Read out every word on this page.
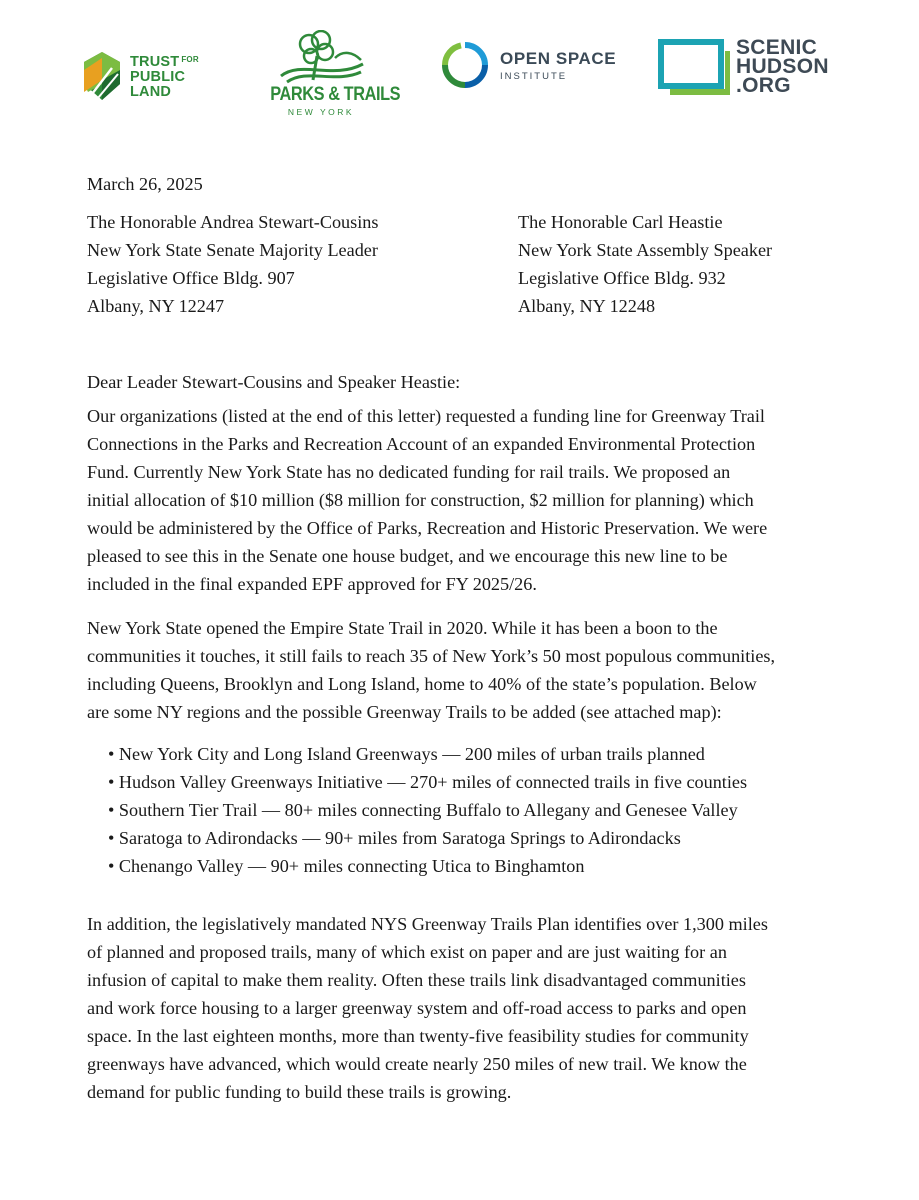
TRUST $^{FOR}$
PUBLIC
LAND	PARKS & TRAILS
NEW YORK
OPEN SPACE
INSTITUTE
SCENIC
HUDSON
.ORG
March 26, 2025
The Honorable Andrea Stewart-Cousins
New York State Senate Majority Leader
Legislative Office Bldg. 907
Albany, NY 12247
The Honorable Carl Heastie
New York State Assembly Speaker
Legislative Office Bldg. 932
Albany, NY 12248
Dear Leader Stewart-Cousins and Speaker Heastie:
Our organizations (listed at the end of this letter) requested a funding line for Greenway Trail
Connections in the Parks and Recreation Account of an expanded Environmental Protection
Fund. Currently New York State has no dedicated funding for rail trails. We proposed an
initial allocation of $10 million ($8 million for construction, $2 million for planning) which
would be administered by the Office of Parks, Recreation and Historic Preservation. We were
pleased to see this in the Senate one house budget, and we encourage this new line to be
included in the final expanded EPF approved for FY 2025/26.
New York State opened the Empire State Trail in 2020. While it has been a boon to the
communities it touches, it still fails to reach 35 of New York’s 50 most populous communities,
including Queens, Brooklyn and Long Island, home to 40% of the state’s population. Below
are some NY regions and the possible Greenway Trails to be added (see attached map):
• New York City and Long Island Greenways — 200 miles of urban trails planned
• Hudson Valley Greenways Initiative — 270+ miles of connected trails in five counties
• Southern Tier Trail — 80+ miles connecting Buffalo to Allegany and Genesee Valley
• Saratoga to Adirondacks — 90+ miles from Saratoga Springs to Adirondacks
• Chenango Valley — 90+ miles connecting Utica to Binghamton
In addition, the legislatively mandated NYS Greenway Trails Plan identifies over 1,300 miles
of planned and proposed trails, many of which exist on paper and are just waiting for an
infusion of capital to make them reality. Often these trails link disadvantaged communities
and work force housing to a larger greenway system and off-road access to parks and open
space. In the last eighteen months, more than twenty-five feasibility studies for community
greenways have advanced, which would create nearly 250 miles of new trail. We know the
demand for public funding to build these trails is growing.
